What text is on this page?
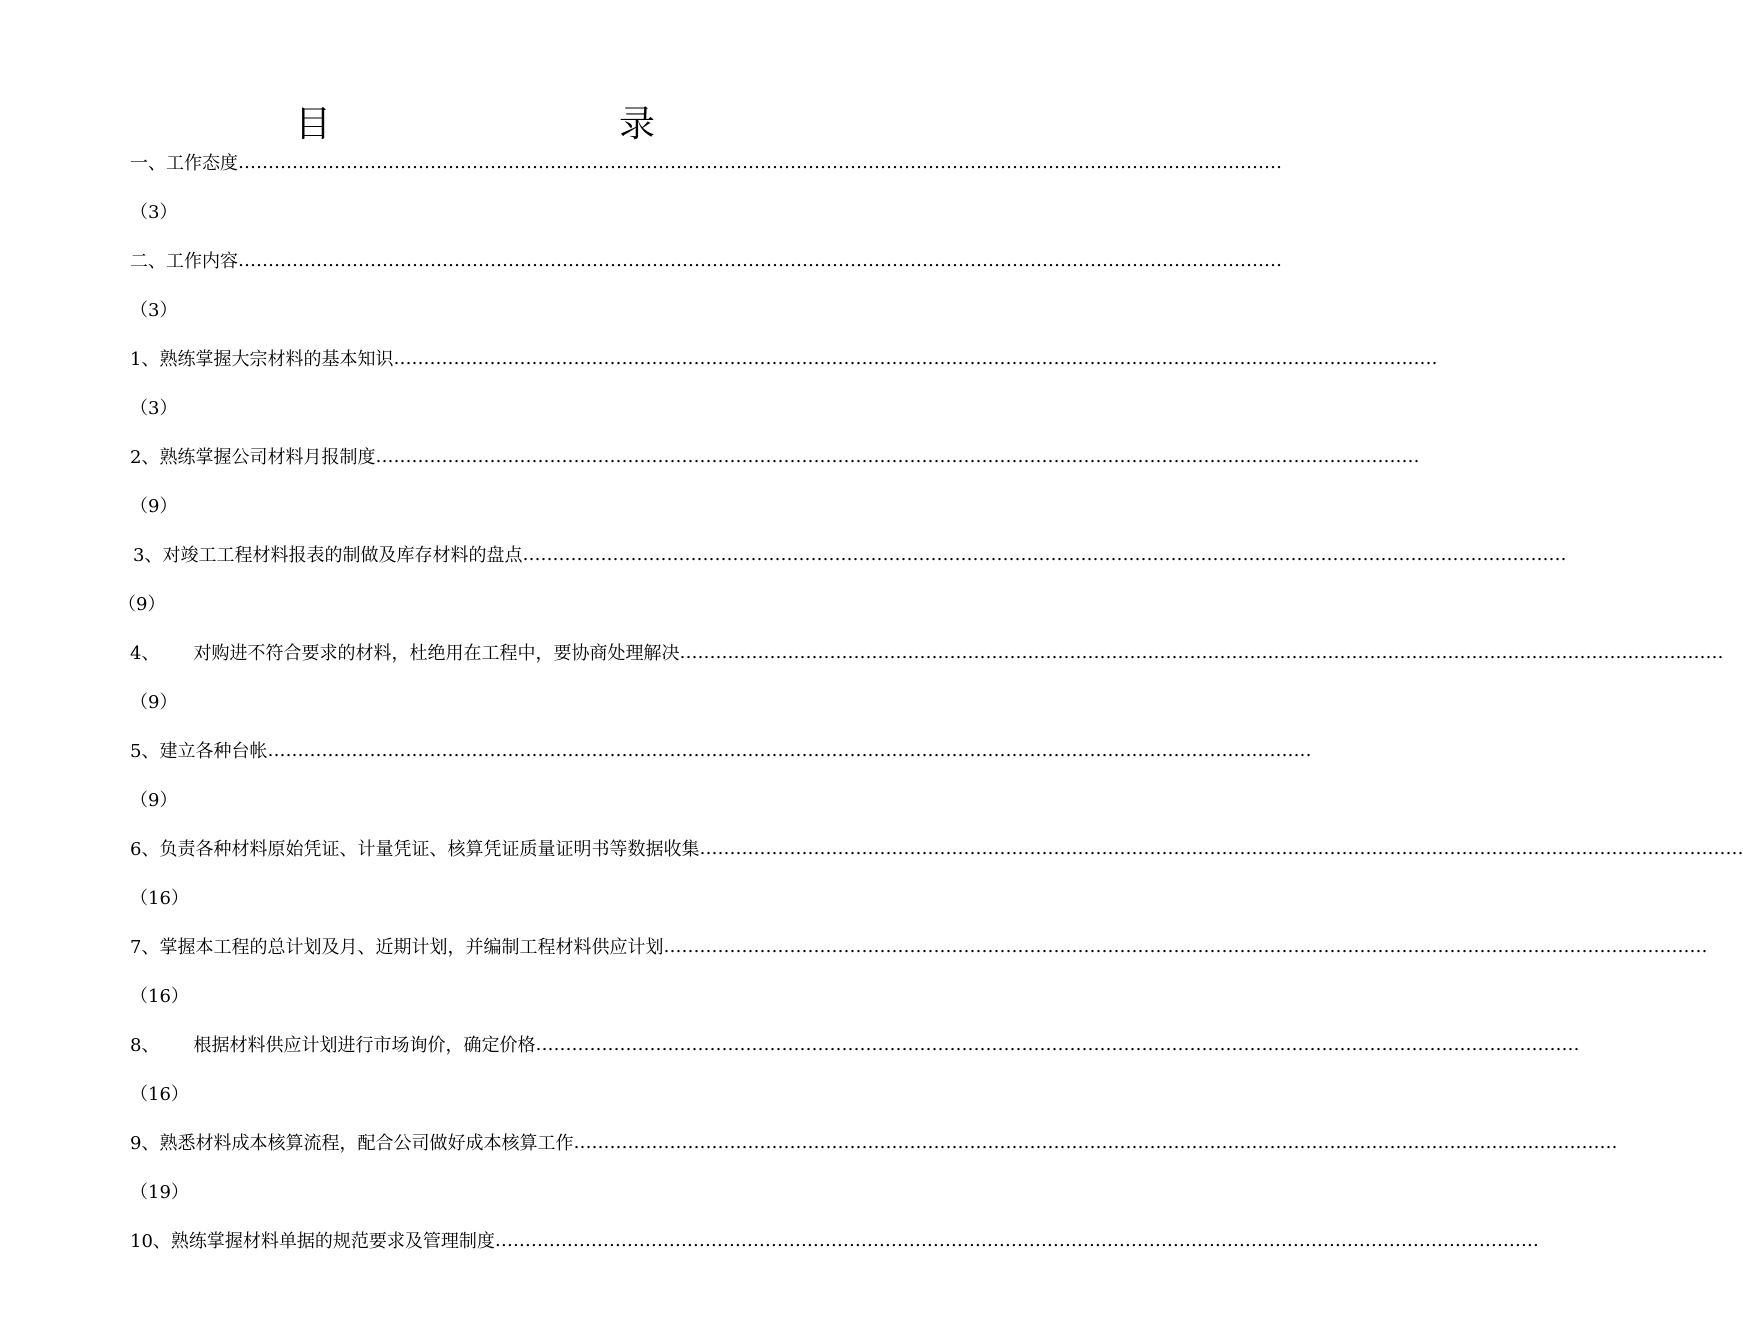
目　　录
一、 工作态度 …………………………………………………………………………………………………………………………………………………………
（3）
二、 工作内容 …………………………………………………………………………………………………………………………………………………………
（3）
1、 熟练掌握大宗材料的基本知识 …………………………………………………………………………………………………………………………………………………………
（3）
2、 熟练掌握公司材料月报制度 …………………………………………………………………………………………………………………………………………………………
（9）
3、 对竣工工程材料报表的制做及库存材料的盘点 …………………………………………………………………………………………………………………………………………………………
（9）
4、 对购进不符合要求的材料，杜绝用在工程中，要协商处理解决 …………………………………………………………………………………………………………………………………………………………
（9）
5、 建立各种台帐 …………………………………………………………………………………………………………………………………………………………
（9）
6、 负责各种材料原始凭证、计量凭证、核算凭证质量证明书等数据收集 …………………………………………………………………………………………………………………………………………………………
（16）
7、 掌握本工程的总计划及月、近期计划，并编制工程材料供应计划 …………………………………………………………………………………………………………………………………………………………
（16）
8、 根据材料供应计划进行市场询价，确定价格 …………………………………………………………………………………………………………………………………………………………
（16）
9、 熟悉材料成本核算流程，配合公司做好成本核算工作 …………………………………………………………………………………………………………………………………………………………
（19）
10、 熟练掌握材料单据的规范要求及管理制度 …………………………………………………………………………………………………………………………………………………………
